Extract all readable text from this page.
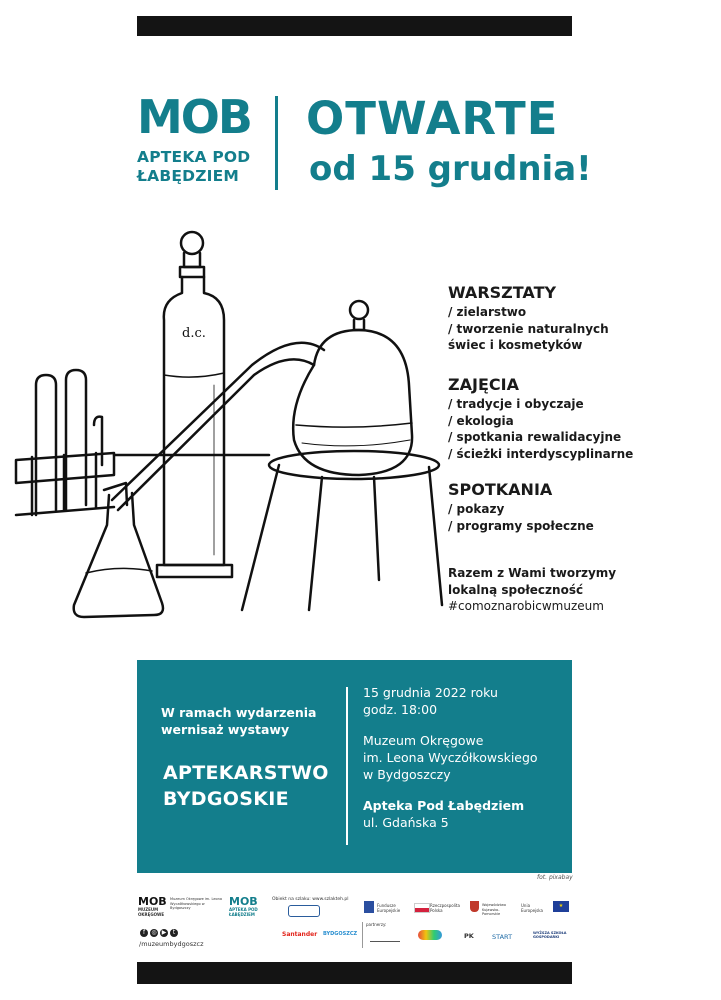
MOB
APTEKA POD
ŁABĘDZIEM
OTWARTE
od 15 grudnia!
d.c.
WARSZTATY
/ zielarstwo
/ tworzenie naturalnych
świec i kosmetyków
ZAJĘCIA
/ tradycje i obyczaje
/ ekologia
/ spotkania rewalidacyjne
/ ścieżki interdyscyplinarne
SPOTKANIA
/ pokazy
/ programy społeczne
Razem z Wami tworzymy
lokalną społeczność
#comoznarobicwmuzeum
W ramach wydarzenia
wernisaż wystawy
APTEKARSTWO
BYDGOSKIE
15 grudnia 2022 roku
godz. 18:00
Muzeum Okręgowe
im. Leona Wyczółkowskiego
w Bydgoszczy
Apteka Pod Łabędziem
ul. Gdańska 5
fot. pixabay
MOB
MUZEUM OKRĘGOWE
Muzeum Okręgowe im. Leona Wyczółkowskiego w Bydgoszczy	MOB
APTEKA POD ŁABĘDZIEM
f	◎ ▶	t
/muzeumbydgoszcz
Obiekt na szlaku: www.szlakteh.pl
Fundusze Europejskie
Rzeczpospolita Polska
Województwo Kujawsko-Pomorskie
Unia Europejska
★
Santander BYDGOSZCZ
partnerzy:
PK	START	WYŻSZA SZKOŁA GOSPODARKI
